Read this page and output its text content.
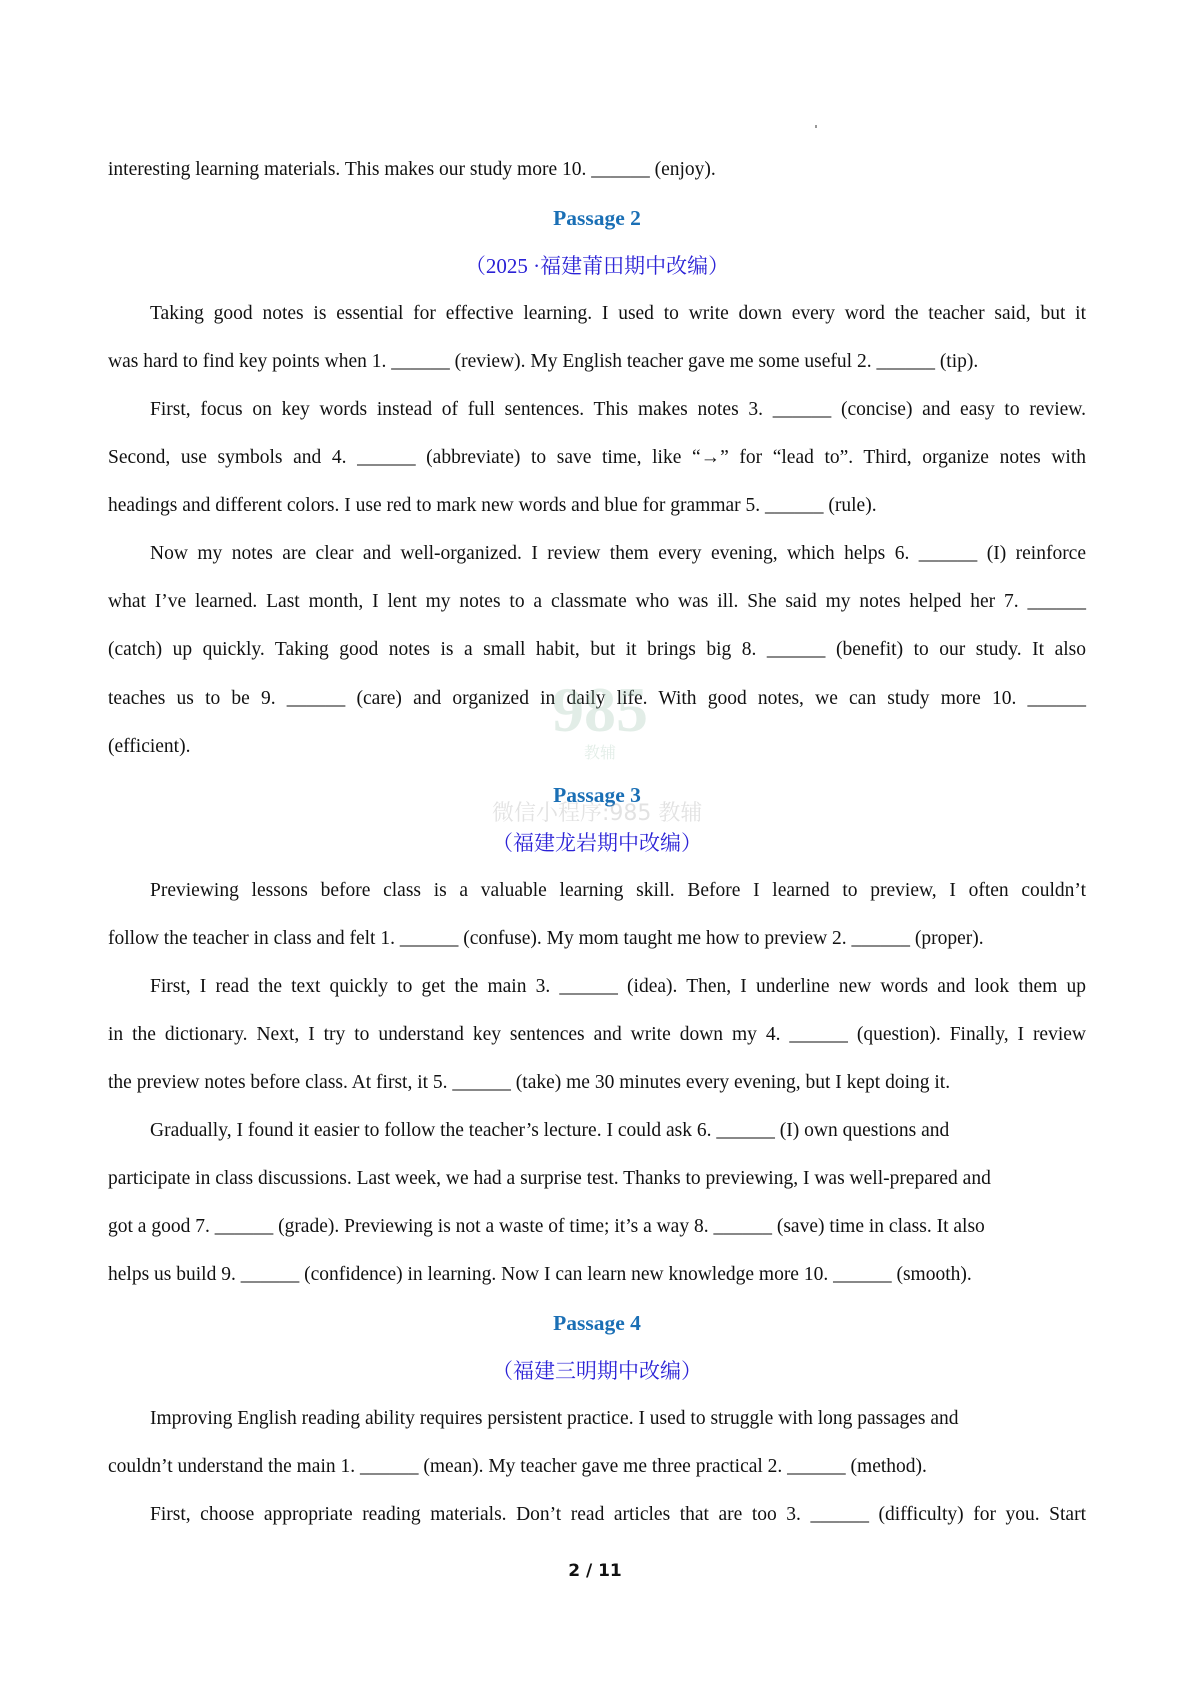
interesting learning materials. This makes our study more 10. ______ (enjoy).
Passage 2
（2025 ·福建莆田期中改编）
Taking good notes is essential for effective learning. I used to write down every word the teacher said, but it
was hard to find key points when 1. ______ (review). My English teacher gave me some useful 2. ______ (tip).
First, focus on key words instead of full sentences. This makes notes 3. ______ (concise) and easy to review.
Second, use symbols and 4. ______ (abbreviate) to save time, like “→” for “lead to”. Third, organize notes with
headings and different colors. I use red to mark new words and blue for grammar 5. ______ (rule).
Now my notes are clear and well-organized. I review them every evening, which helps 6. ______ (I) reinforce
what I’ve learned. Last month, I lent my notes to a classmate who was ill. She said my notes helped her 7. ______
(catch) up quickly. Taking good notes is a small habit, but it brings big 8. ______ (benefit) to our study. It also
teaches us to be 9. ______ (care) and organized in daily life. With good notes, we can study more 10. ______
(efficient).
Passage 3
（福建龙岩期中改编）
Previewing lessons before class is a valuable learning skill. Before I learned to preview, I often couldn’t
follow the teacher in class and felt 1. ______ (confuse). My mom taught me how to preview 2. ______ (proper).
First, I read the text quickly to get the main 3. ______ (idea). Then, I underline new words and look them up
in the dictionary. Next, I try to understand key sentences and write down my 4. ______ (question). Finally, I review
the preview notes before class. At first, it 5. ______ (take) me 30 minutes every evening, but I kept doing it.
Gradually, I found it easier to follow the teacher’s lecture. I could ask 6. ______ (I) own questions and
participate in class discussions. Last week, we had a surprise test. Thanks to previewing, I was well-prepared and
got a good 7. ______ (grade). Previewing is not a waste of time; it’s a way 8. ______ (save) time in class. It also
helps us build 9. ______ (confidence) in learning. Now I can learn new knowledge more 10. ______ (smooth).
Passage 4
（福建三明期中改编）
Improving English reading ability requires persistent practice. I used to struggle with long passages and
couldn’t understand the main 1. ______ (mean). My teacher gave me three practical 2. ______ (method).
First, choose appropriate reading materials. Don’t read articles that are too 3. ______ (difficulty) for you. Start
985
教辅
微信小程序:985 教辅
2 / 11
